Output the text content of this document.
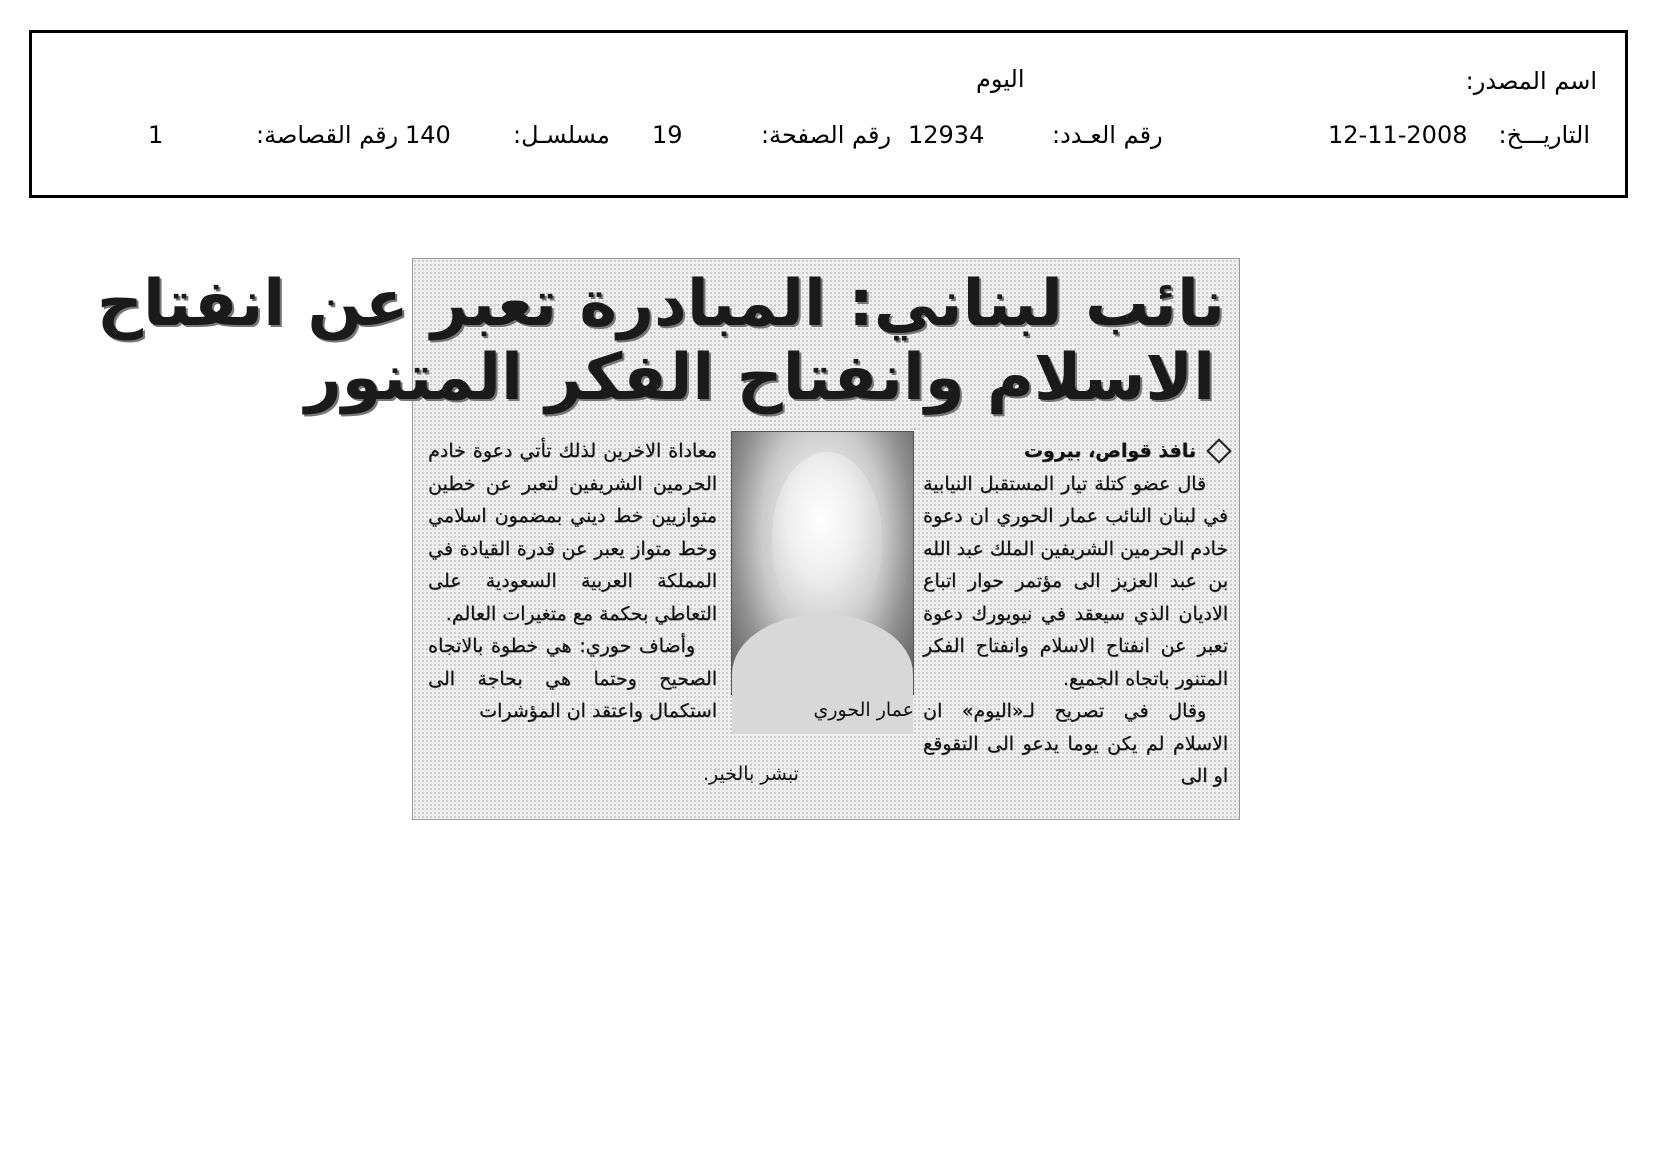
اسم المصدر:
اليوم
التاريـــخ:
12-11-2008
رقم العـدد:
12934
رقم الصفحة:
19
مسلسـل:
140
رقم القصاصة:
1
نائب لبناني: المبادرة تعبر عن انفتاح
الاسلام وانفتاح الفكر المتنور

نافذ قواص، بيروت

قال عضو كتلة تيار المستقبل النيابية في لبنان النائب عمار الحوري ان دعوة خادم الحرمين الشريفين الملك عبد الله بن عبد العزيز الى مؤتمر حوار اتباع الاديان الذي سيعقد في نيويورك دعوة تعبر عن انفتاح الاسلام وانفتاح الفكر المتنور باتجاه الجميع.

وقال في تصريح لـ«اليوم» ان الاسلام لم يكن يوما يدعو الى التقوقع او الى

عمار الحوري

معاداة الاخرين لذلك تأتي دعوة خادم الحرمين الشريفين لتعبر عن خطين متوازيين خط ديني بمضمون اسلامي وخط متواز يعبر عن قدرة القيادة في المملكة العربية السعودية على التعاطي بحكمة مع متغيرات العالم.

وأضاف حوري: هي خطوة بالاتجاه الصحيح وحتما هي بحاجة الى استكمال واعتقد ان المؤشرات

تبشر بالخير.
